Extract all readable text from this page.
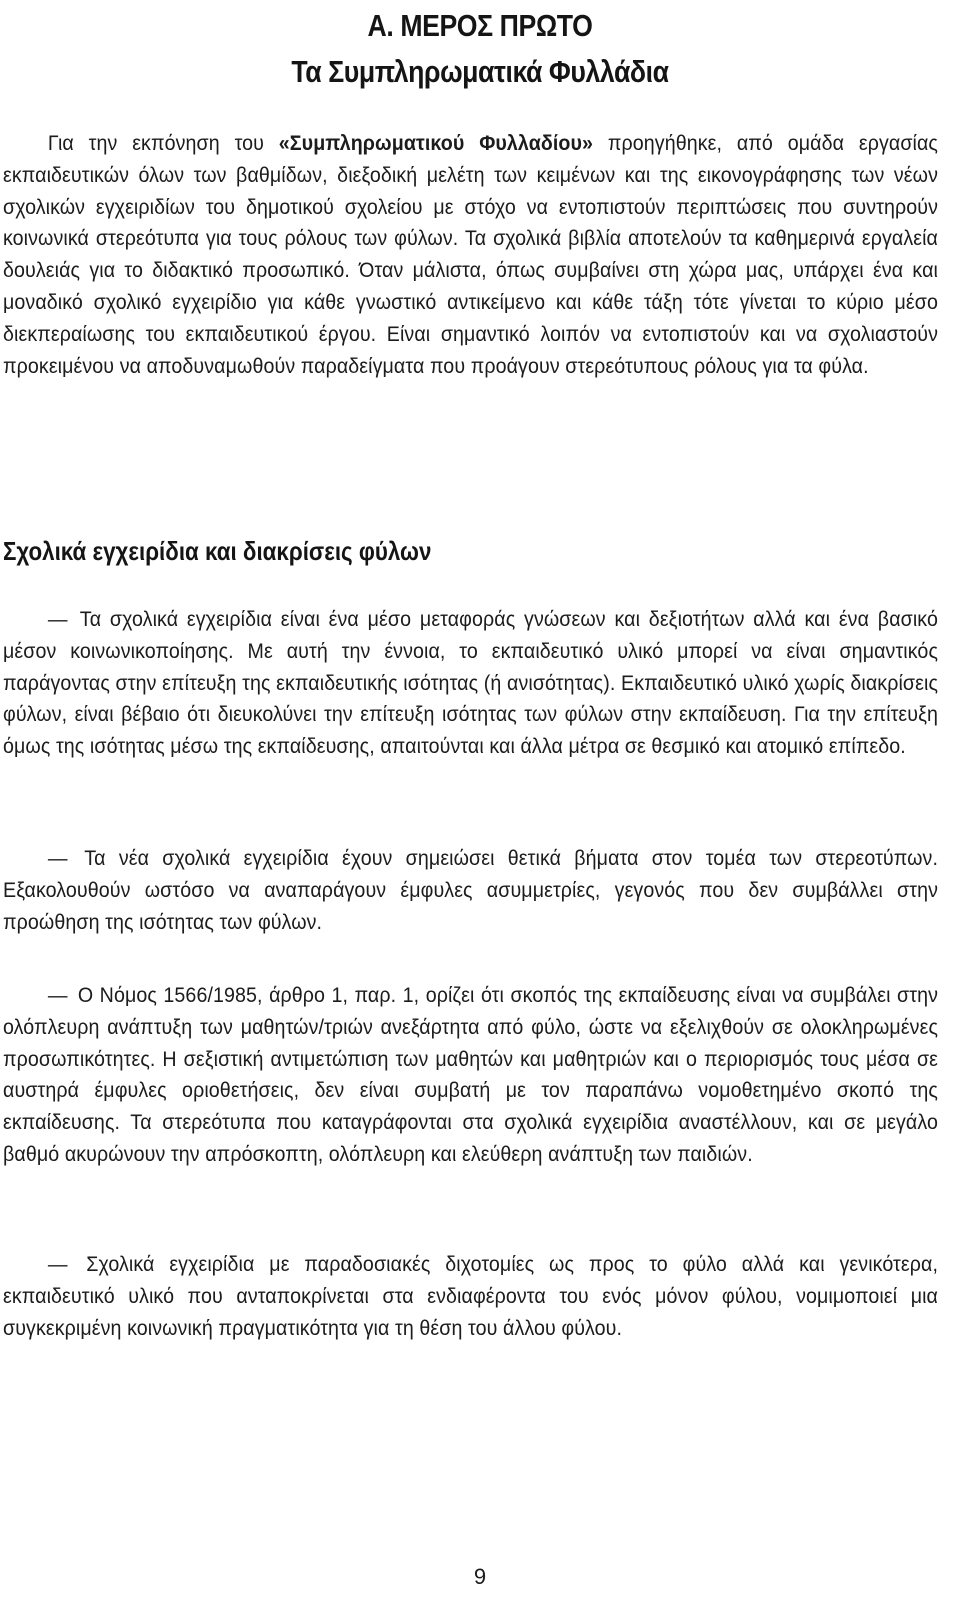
Α. ΜΕΡΟΣ ΠΡΩΤΟ
Τα Συμπληρωματικά Φυλλάδια

Για την εκπόνηση του «Συμπληρωματικού Φυλλαδίου» προηγήθηκε, από ομάδα εργασίας εκπαιδευτικών όλων των βαθμίδων, διεξοδική μελέτη των κειμένων και της εικονογράφησης των νέων σχολικών εγχειριδίων του δημοτικού σχολείου με στόχο να εντοπιστούν περιπτώσεις που συντηρούν κοινωνικά στερεότυπα για τους ρόλους των φύλων. Τα σχολικά βιβλία αποτελούν τα καθημερινά εργαλεία δουλειάς για το διδακτικό προσωπικό. Όταν μάλιστα, όπως συμβαίνει στη χώρα μας, υπάρχει ένα και μοναδικό σχολικό εγχειρίδιο για κάθε γνωστικό αντικείμενο και κάθε τάξη τότε γίνεται το κύριο μέσο διεκπεραίωσης του εκπαιδευτικού έργου. Είναι σημαντικό λοιπόν να εντοπιστούν και να σχολιαστούν προκειμένου να αποδυναμωθούν παραδείγματα που προάγουν στερεότυπους ρόλους για τα φύλα.

Σχολικά εγχειρίδια και διακρίσεις φύλων

— Τα σχολικά εγχειρίδια είναι ένα μέσο μεταφοράς γνώσεων και δεξιοτήτων αλλά και ένα βασικό μέσον κοινωνικοποίησης. Με αυτή την έννοια, το εκπαιδευτικό υλικό μπορεί να είναι σημαντικός παράγοντας στην επίτευξη της εκπαιδευτικής ισότητας (ή ανισότητας). Εκπαιδευτικό υλικό χωρίς διακρίσεις φύλων, είναι βέβαιο ότι διευκολύνει την επίτευξη ισότητας των φύλων στην εκπαίδευση. Για την επίτευξη όμως της ισότητας μέσω της εκπαίδευσης, απαιτούνται και άλλα μέτρα σε θεσμικό και ατομικό επίπεδο.

— Τα νέα σχολικά εγχειρίδια έχουν σημειώσει θετικά βήματα στον τομέα των στερεοτύπων. Εξακολουθούν ωστόσο να αναπαράγουν έμφυλες ασυμμετρίες, γεγονός που δεν συμβάλλει στην προώθηση της ισότητας των φύλων.

— Ο Νόμος 1566/1985, άρθρο 1, παρ. 1, ορίζει ότι σκοπός της εκπαίδευσης είναι να συμβάλει στην ολόπλευρη ανάπτυξη των μαθητών/τριών ανεξάρτητα από φύλο, ώστε να εξελιχθούν σε ολοκληρωμένες προσωπικότητες. Η σεξιστική αντιμετώπιση των μαθητών και μαθητριών και ο περιορισμός τους μέσα σε αυστηρά έμφυλες οριοθετήσεις, δεν είναι συμβατή με τον παραπάνω νομοθετημένο σκοπό της εκπαίδευσης. Τα στερεότυπα που καταγράφονται στα σχολικά εγχειρίδια αναστέλλουν, και σε μεγάλο βαθμό ακυρώνουν την απρόσκοπτη, ολόπλευρη και ελεύθερη ανάπτυξη των παιδιών.

— Σχολικά εγχειρίδια με παραδοσιακές διχοτομίες ως προς το φύλο αλλά και γενικότερα, εκπαιδευτικό υλικό που ανταποκρίνεται στα ενδιαφέροντα του ενός μόνον φύλου, νομιμοποιεί μια συγκεκριμένη κοινωνική πραγματικότητα για τη θέση του άλλου φύλου.

9
